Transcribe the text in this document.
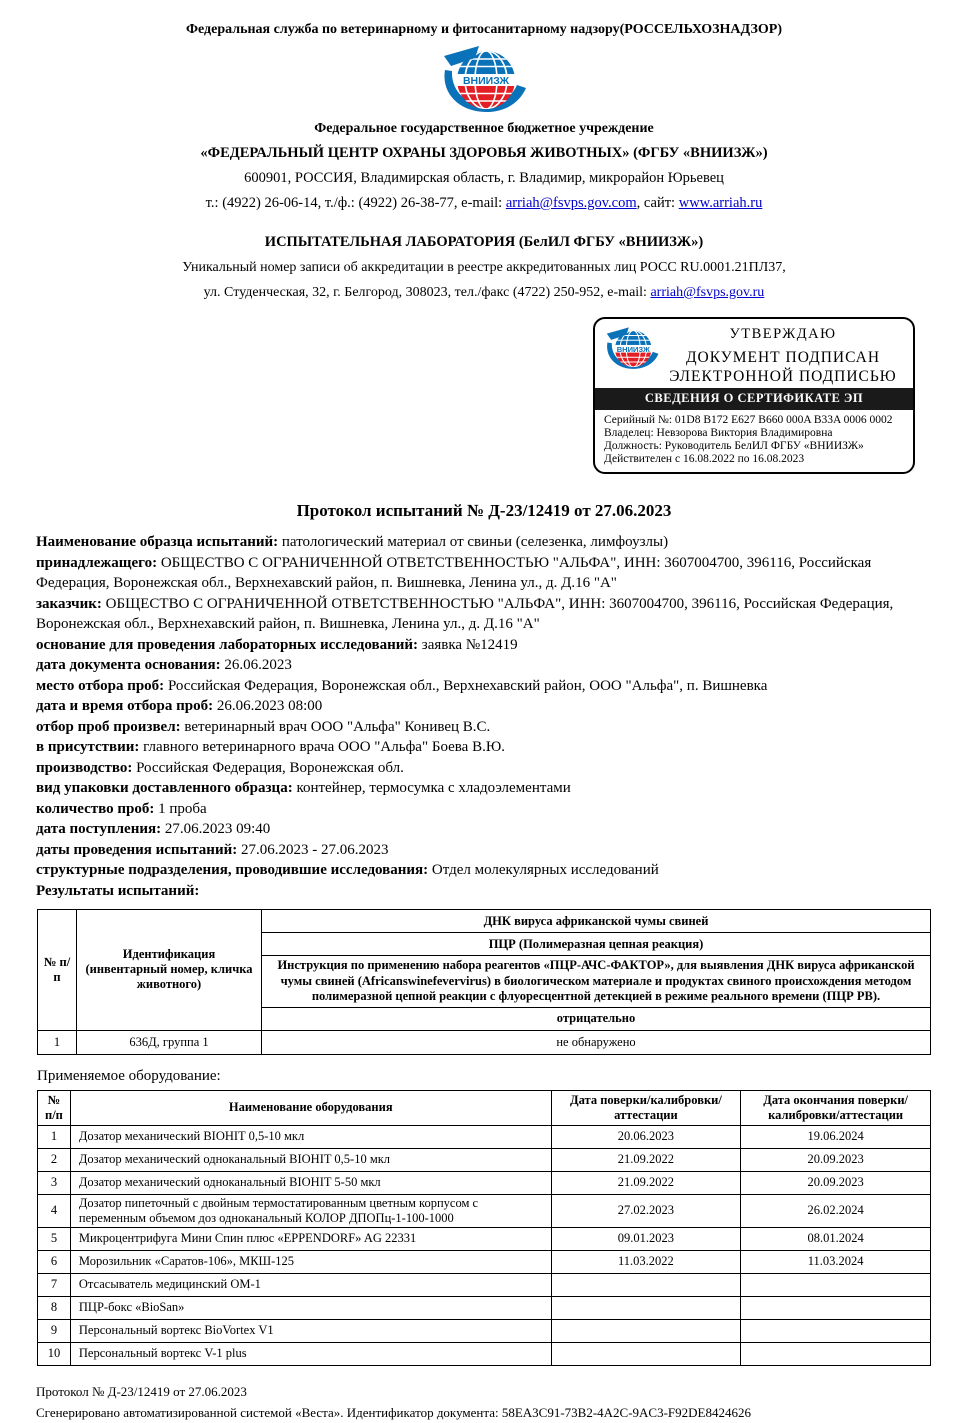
Федеральная служба по ветеринарному и фитосанитарному надзору(РОССЕЛЬХОЗНАДЗОР)
ВНИИЗЖ
Федеральное государственное бюджетное учреждение
«ФЕДЕРАЛЬНЫЙ ЦЕНТР ОХРАНЫ ЗДОРОВЬЯ ЖИВОТНЫХ» (ФГБУ «ВНИИЗЖ»)
600901, РОССИЯ, Владимирская область, г. Владимир, микрорайон Юрьевец
т.: (4922) 26-06-14, т./ф.: (4922) 26-38-77, e-mail: arriah@fsvps.gov.com, сайт: www.arriah.ru
ИСПЫТАТЕЛЬНАЯ ЛАБОРАТОРИЯ (БелИЛ ФГБУ «ВНИИЗЖ»)
Уникальный номер записи об аккредитации в реестре аккредитованных лиц РОСС RU.0001.21ПЛ37,
ул. Студенческая, 32, г. Белгород, 308023, тел./факс (4722) 250-952, e-mail: arriah@fsvps.gov.ru
ВНИИЗЖ
УТВЕРЖДАЮ
ДОКУМЕНТ ПОДПИСАН
ЭЛЕКТРОННОЙ ПОДПИСЬЮ
СВЕДЕНИЯ О СЕРТИФИКАТЕ ЭП
Серийный №: 01D8 B172 E627 B660 000A B33A 0006 0002
Владелец: Невзорова Виктория Владимировна
Должность: Руководитель БелИЛ ФГБУ «ВНИИЗЖ»
Действителен с 16.08.2022 по 16.08.2023
Протокол испытаний № Д-23/12419 от 27.06.2023
Наименование образца испытаний: патологический материал от свиньи (селезенка, лимфоузлы)
принадлежащего: ОБЩЕСТВО С ОГРАНИЧЕННОЙ ОТВЕТСТВЕННОСТЬЮ "АЛЬФА", ИНН: 3607004700, 396116, Российская Федерация, Воронежская обл., Верхнехавский район, п. Вишневка, Ленина ул., д. Д.16 "А"
заказчик: ОБЩЕСТВО С ОГРАНИЧЕННОЙ ОТВЕТСТВЕННОСТЬЮ "АЛЬФА", ИНН: 3607004700, 396116, Российская Федерация, Воронежская обл., Верхнехавский район, п. Вишневка, Ленина ул., д. Д.16 "А"
основание для проведения лабораторных исследований: заявка №12419
дата документа основания: 26.06.2023
место отбора проб: Российская Федерация, Воронежская обл., Верхнехавский район, ООО "Альфа", п. Вишневка
дата и время отбора проб: 26.06.2023 08:00
отбор проб произвел: ветеринарный врач ООО "Альфа" Конивец В.С.
в присутствии: главного ветеринарного врача ООО "Альфа" Боева В.Ю.
производство: Российская Федерация, Воронежская обл.
вид упаковки доставленного образца: контейнер, термосумка с хладоэлементами
количество проб: 1 проба
дата поступления: 27.06.2023 09:40
даты проведения испытаний: 27.06.2023 - 27.06.2023
структурные подразделения, проводившие исследования: Отдел молекулярных исследований
Результаты испытаний:
№ п/п	Идентификация (инвентарный номер, кличка животного)	ДНК вируса африканской чумы свиней
		ПЦР (Полимеразная цепная реакция)
		Инструкция по применению набора реагентов «ПЦР-АЧС-ФАКТОР», для выявления ДНК вируса африканской чумы свиней (Africanswinefevervirus) в биологическом материале и продуктах свиного происхождения методом полимеразной цепной реакции с флуоресцентной детекцией в режиме реального времени (ПЦР РВ).
		отрицательно
1	636Д, группа 1	не обнаружено
Применяемое оборудование:
№ п/п	Наименование оборудования	Дата поверки/калибровки/аттестации	Дата окончания поверки/калибровки/аттестации
1	Дозатор механический BIOHIT 0,5-10 мкл	20.06.2023	19.06.2024
2	Дозатор механический одноканальный BIOHIT 0,5-10 мкл	21.09.2022	20.09.2023
3	Дозатор механический одноканальный BIOHIT 5-50 мкл	21.09.2022	20.09.2023
4	Дозатор пипеточный с двойным термостатированным цветным корпусом с переменным объемом доз одноканальный КОЛОР ДПОПц-1-100-1000	27.02.2023	26.02.2024
5	Микроцентрифуга Мини Спин плюс «EPPENDORF» AG 22331	09.01.2023	08.01.2024
6	Морозильник «Саратов-106», МКШ-125	11.03.2022	11.03.2024
7	Отсасыватель медицинский ОМ-1		
8	ПЦР-бокс «BioSan»		
9	Персональный вортекс BioVortex V1		
10	Персональный вортекс V-1 plus		
Протокол № Д-23/12419 от 27.06.2023
Сгенерировано автоматизированной системой «Веста». Идентификатор документа: 58EA3C91-73B2-4A2C-9AC3-F92DE8424626
